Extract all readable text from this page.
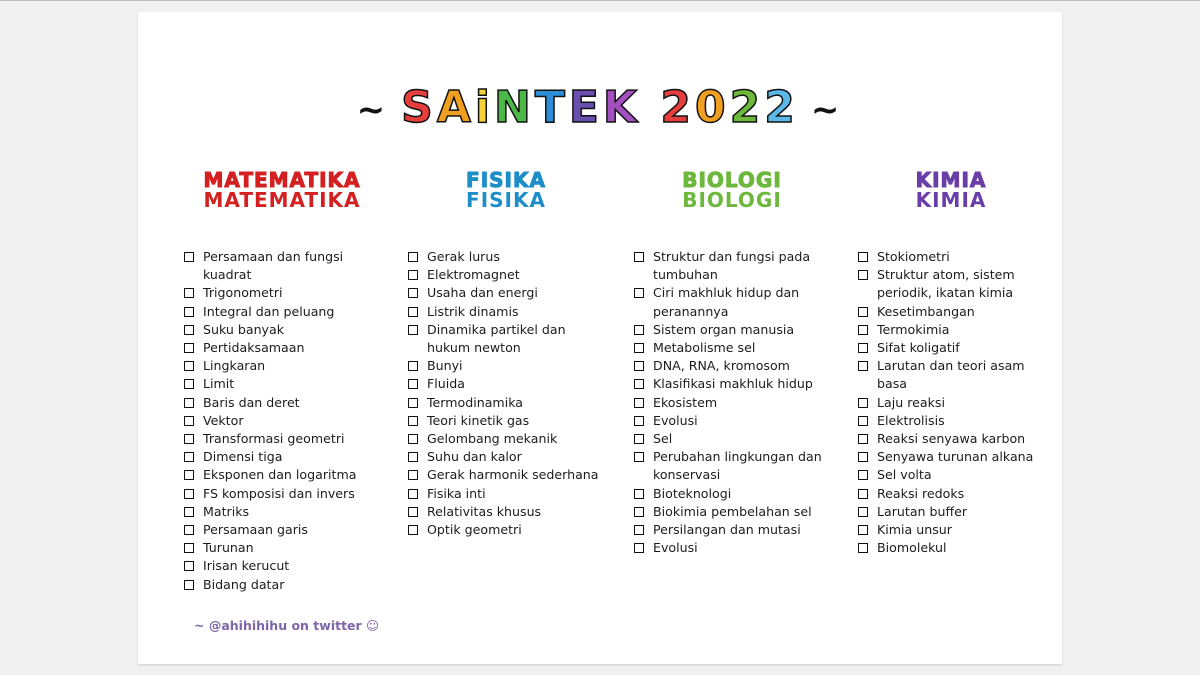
~ SAiNTEK 2022 ~
MATEMATIKA
MATEMATIKA
Persamaan dan fungsi kuadrat
Trigonometri
Integral dan peluang
Suku banyak
Pertidaksamaan
Lingkaran
Limit
Baris dan deret
Vektor
Transformasi geometri
Dimensi tiga
Eksponen dan logaritma
FS komposisi dan invers
Matriks
Persamaan garis
Turunan
Irisan kerucut
Bidang datar
FISIKA
FISIKA
Gerak lurus
Elektromagnet
Usaha dan energi
Listrik dinamis
Dinamika partikel dan hukum newton
Bunyi
Fluida
Termodinamika
Teori kinetik gas
Gelombang mekanik
Suhu dan kalor
Gerak harmonik sederhana
Fisika inti
Relativitas khusus
Optik geometri
BIOLOGI
BIOLOGI
Struktur dan fungsi pada tumbuhan
Ciri makhluk hidup dan peranannya
Sistem organ manusia
Metabolisme sel
DNA, RNA, kromosom
Klasifikasi makhluk hidup
Ekosistem
Evolusi
Sel
Perubahan lingkungan dan konservasi
Bioteknologi
Biokimia pembelahan sel
Persilangan dan mutasi
Evolusi
KIMIA
KIMIA
Stokiometri
Struktur atom, sistem periodik, ikatan kimia
Kesetimbangan
Termokimia
Sifat koligatif
Larutan dan teori asam basa
Laju reaksi
Elektrolisis
Reaksi senyawa karbon
Senyawa turunan alkana
Sel volta
Reaksi redoks
Larutan buffer
Kimia unsur
Biomolekul
~ @ahihihihu on twitter ☺
